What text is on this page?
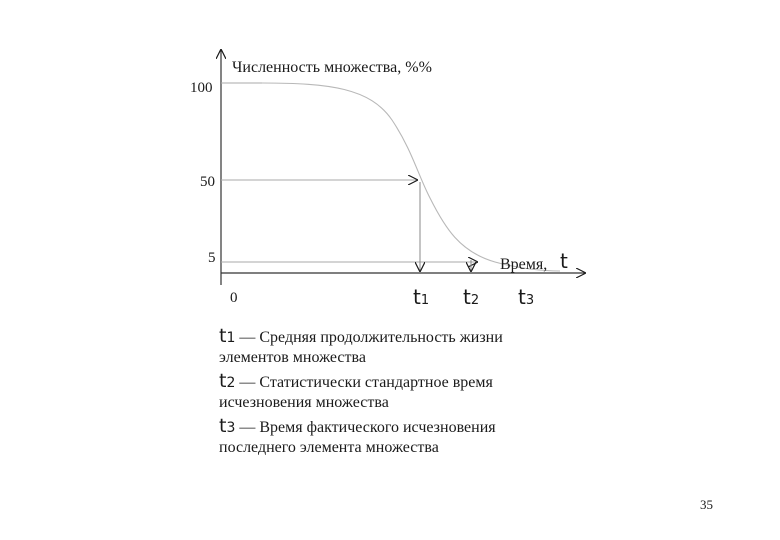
Численность множества, %%
Время, t
100
50
5
0	t1 t2 t3
t1 — Средняя продолжительность жизни элементов множества
t2 — Статистически стандартное время исчезновения множества
t3 — Время фактического исчезновения последнего элемента множества
35
